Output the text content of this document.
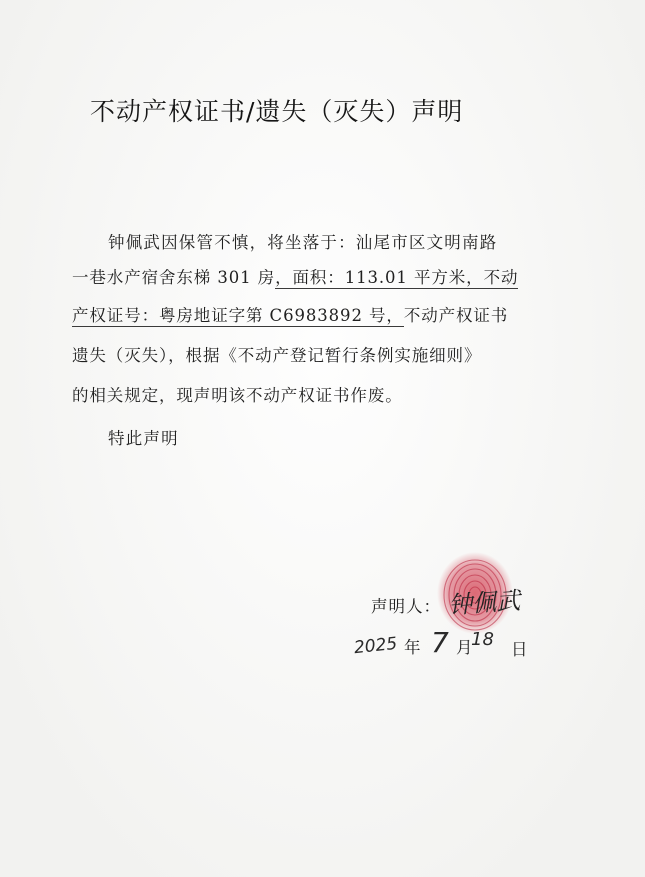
不动产权证书/遗失（灭失）声明
钟佩武因保管不慎，将坐落于：汕尾市区文明南路
一巷水产宿舍东梯 301 房，面积：113.01 平方米，不动
产权证号：粤房地证字第 C6983892 号，不动产权证书
遗失（灭失），根据《不动产登记暂行条例实施细则》
的相关规定，现声明该不动产权证书作废。
特此声明
声明人： 钟佩武
2025 年 7 月
18 日
